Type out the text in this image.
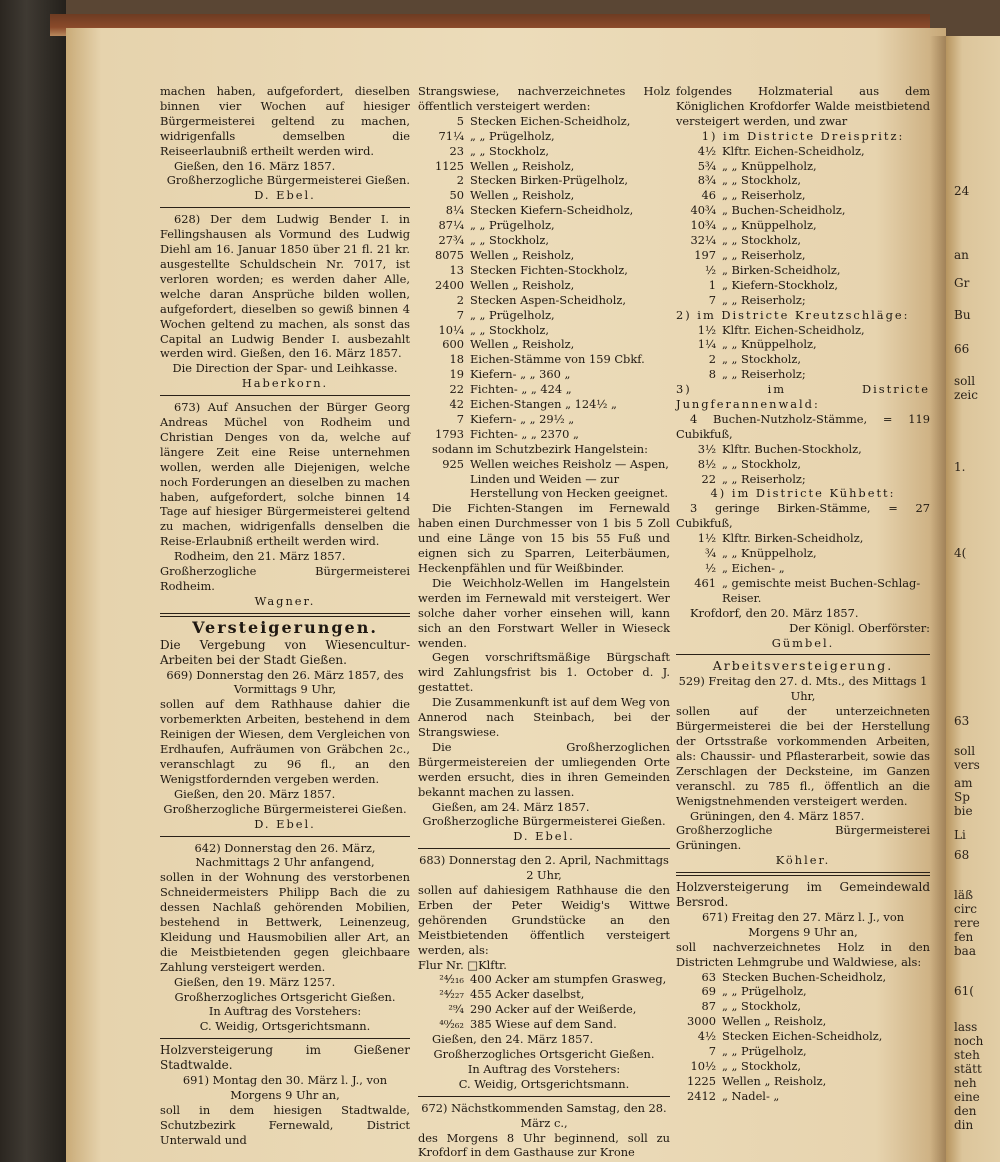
machen haben, aufgefordert, dieselben binnen vier Wochen auf hiesiger Bürgermeisterei geltend zu machen, widrigenfalls demselben die Reiseerlaubniß ertheilt werden wird.

Gießen, den 16. März 1857.

Großherzogliche Bürgermeisterei Gießen.

D. Ebel.

628) Der dem Ludwig Bender I. in Fellingshausen als Vormund des Ludwig Diehl am 16. Januar 1850 über 21 fl. 21 kr. ausgestellte Schuldschein Nr. 7017, ist verloren worden; es werden daher Alle, welche daran Ansprüche bilden wollen, aufgefordert, dieselben so gewiß binnen 4 Wochen geltend zu machen, als sonst das Capital an Ludwig Bender I. ausbezahlt werden wird. Gießen, den 16. März 1857.

Die Direction der Spar- und Leihkasse.

Haberkorn.

673) Auf Ansuchen der Bürger Georg Andreas Müchel von Rodheim und Christian Denges von da, welche auf längere Zeit eine Reise unternehmen wollen, werden alle Diejenigen, welche noch Forderungen an dieselben zu machen haben, aufgefordert, solche binnen 14 Tage auf hiesiger Bürgermeisterei geltend zu machen, widrigenfalls denselben die Reise-Erlaubniß ertheilt werden wird.

Rodheim, den 21. März 1857.

Großherzogliche Bürgermeisterei Rodheim.

Wagner.

Versteigerungen.

Die Vergebung von Wiesencultur-Arbeiten bei der Stadt Gießen.

669) Donnerstag den 26. März 1857, des Vormittags 9 Uhr,

sollen auf dem Rathhause dahier die vorbemerkten Arbeiten, bestehend in dem Reinigen der Wiesen, dem Vergleichen von Erdhaufen, Aufräumen von Gräbchen 2c., veranschlagt zu 96 fl., an den Wenigstfordernden vergeben werden.

Gießen, den 20. März 1857.

Großherzogliche Bürgermeisterei Gießen.

D. Ebel.

642) Donnerstag den 26. März, Nachmittags 2 Uhr anfangend,

sollen in der Wohnung des verstorbenen Schneidermeisters Philipp Bach die zu dessen Nachlaß gehörenden Mobilien, bestehend in Bettwerk, Leinenzeug, Kleidung und Hausmobilien aller Art, an die Meistbietenden gegen gleichbaare Zahlung versteigert werden.

Gießen, den 19. März 1257.

Großherzogliches Ortsgericht Gießen.

In Auftrag des Vorstehers:

C. Weidig, Ortsgerichtsmann.

Holzversteigerung im Gießener Stadtwalde.

691) Montag den 30. März l. J., von Morgens 9 Uhr an,

soll in dem hiesigen Stadtwalde, Schutzbezirk Fernewald, District Unterwald und

Strangswiese, nachverzeichnetes Holz öffentlich versteigert werden:

5	Stecken Eichen-Scheidholz,
71¼	„ „ Prügelholz,
23	„ „ Stockholz,
1125	Wellen „ Reisholz,
2	Stecken Birken-Prügelholz,
50	Wellen „ Reisholz,
8¼	Stecken Kiefern-Scheidholz,
87¼	„ „ Prügelholz,
27¾	„ „ Stockholz,
8075	Wellen „ Reisholz,
13	Stecken Fichten-Stockholz,
2400	Wellen „ Reisholz,
2	Stecken Aspen-Scheidholz,
7	„ „ Prügelholz,
10¼	„ „ Stockholz,
600	Wellen „ Reisholz,
18	Eichen-Stämme von 159 Cbkf.
19	Kiefern- „ „ 360 „
22	Fichten- „ „ 424 „
42	Eichen-Stangen „ 124½ „
7	Kiefern- „ „ 29½ „
1793	Fichten- „ „ 2370 „

sodann im Schutzbezirk Hangelstein:

925	Wellen weiches Reisholz — Aspen, Linden und Weiden — zur Herstellung von Hecken geeignet.

Die Fichten-Stangen im Fernewald haben einen Durchmesser von 1 bis 5 Zoll und eine Länge von 15 bis 55 Fuß und eignen sich zu Sparren, Leiterbäumen, Heckenpfählen und für Weißbinder.

Die Weichholz-Wellen im Hangelstein werden im Fernewald mit versteigert. Wer solche daher vorher einsehen will, kann sich an den Forstwart Weller in Wieseck wenden.

Gegen vorschriftsmäßige Bürgschaft wird Zahlungsfrist bis 1. October d. J. gestattet.

Die Zusammenkunft ist auf dem Weg von Annerod nach Steinbach, bei der Strangswiese.

Die Großherzoglichen Bürgermeistereien der umliegenden Orte werden ersucht, dies in ihren Gemeinden bekannt machen zu lassen.

Gießen, am 24. März 1857.

Großherzogliche Bürgermeisterei Gießen.

D. Ebel.

683) Donnerstag den 2. April, Nachmittags 2 Uhr,

sollen auf dahiesigem Rathhause die den Erben der Peter Weidig's Wittwe gehörenden Grundstücke an den Meistbietenden öffentlich versteigert werden, als:

Flur Nr. □Klftr.

²⁴⁄₂₁₆	400 Acker am stumpfen Grasweg,
²⁴⁄₂₂₇	455 Acker daselbst,
²⁹⁄₄	290 Acker auf der Weißerde,
⁴⁰⁄₂₆₂	385 Wiese auf dem Sand.

Gießen, den 24. März 1857.

Großherzogliches Ortsgericht Gießen.

In Auftrag des Vorstehers:

C. Weidig, Ortsgerichtsmann.

672) Nächstkommenden Samstag, den 28. März c.,

des Morgens 8 Uhr beginnend, soll zu Krofdorf in dem Gasthause zur Krone

folgendes Holzmaterial aus dem Königlichen Krofdorfer Walde meistbietend versteigert werden, und zwar

1) im Districte Dreispritz:

4½	Klftr. Eichen-Scheidholz,
5¾	„ „ Knüppelholz,
8¾	„ „ Stockholz,
46	„ „ Reiserholz,
40¾	„ Buchen-Scheidholz,
10¾	„ „ Knüppelholz,
32¼	„ „ Stockholz,
197	„ „ Reiserholz,
½	„ Birken-Scheidholz,
1	„ Kiefern-Stockholz,
7	„ „ Reiserholz;

2) im Districte Kreutzschläge:

1½	Klftr. Eichen-Scheidholz,
1¼	„ „ Knüppelholz,
2	„ „ Stockholz,
8	„ „ Reiserholz;

3) im Districte Jungferannenwald:

4 Buchen-Nutzholz-Stämme, = 119 Cubikfuß,

3½	Klftr. Buchen-Stockholz,
8½	„ „ Stockholz,
22	„ „ Reiserholz;

4) im Districte Kühbett:

3 geringe Birken-Stämme, = 27 Cubikfuß,

1½	Klftr. Birken-Scheidholz,
¾	„ „ Knüppelholz,
½	„ Eichen- „
461	„ gemischte meist Buchen-Schlag-Reiser.

Krofdorf, den 20. März 1857.

Der Königl. Oberförster:

Gümbel.

Arbeitsversteigerung.

529) Freitag den 27. d. Mts., des Mittags 1 Uhr,

sollen auf der unterzeichneten Bürgermeisterei die bei der Herstellung der Ortsstraße vorkommenden Arbeiten, als: Chaussir- und Pflasterarbeit, sowie das Zerschlagen der Decksteine, im Ganzen veranschl. zu 785 fl., öffentlich an die Wenigstnehmenden versteigert werden.

Grüningen, den 4. März 1857.

Großherzogliche Bürgermeisterei Grüningen.

Köhler.

Holzversteigerung im Gemeindewald Bersrod.

671) Freitag den 27. März l. J., von Morgens 9 Uhr an,

soll nachverzeichnetes Holz in den Districten Lehmgrube und Waldwiese, als:

63	Stecken Buchen-Scheidholz,
69	„ „ Prügelholz,
87	„ „ Stockholz,
3000	Wellen „ Reisholz,
4½	Stecken Eichen-Scheidholz,
7	„ „ Prügelholz,
10½	„ „ Stockholz,
1225	Wellen „ Reisholz,
2412	„ Nadel- „
24
an
Gr
Bu
66
soll
zeic
1.
4(
63
soll
vers
am
Sp
bie
Li
68
läß
circ
rere
fen
baa
61(
lass
noch
steh
stätt
neh
eine
den
din
